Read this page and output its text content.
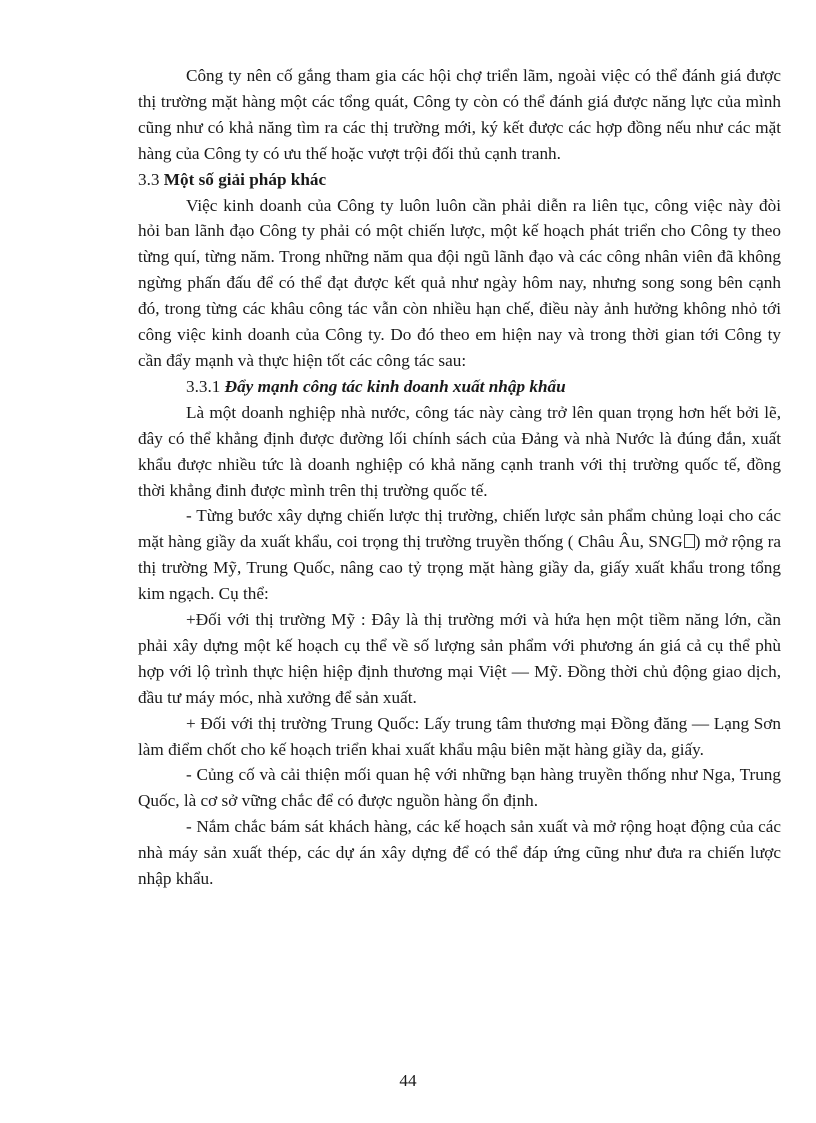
Công ty nên cố gắng tham gia các hội chợ triển lãm, ngoài việc có thể đánh giá được thị trường mặt hàng một các tổng quát, Công ty còn có thể đánh giá được năng lực của mình cũng như có khả năng tìm ra các thị trường mới, ký kết được các hợp đồng nếu như các mặt hàng của Công ty có ưu thế hoặc vượt trội đối thủ cạnh tranh.

3.3 Một số giải pháp khác

Việc kinh doanh của Công ty luôn luôn cần phải diễn ra liên tục, công việc này đòi hỏi ban lãnh đạo Công ty phải có một chiến lược, một kế hoạch phát triển cho Công ty theo từng quí, từng năm. Trong những năm qua đội ngũ lãnh đạo và các công nhân viên đã không ngừng phấn đấu để có thể đạt được kết quả như ngày hôm nay, nhưng song song bên cạnh đó, trong từng các khâu công tác vẫn còn nhiều hạn chế, điều này ảnh hưởng không nhỏ tới công việc kinh doanh của Công ty. Do đó theo em hiện nay và trong thời gian tới Công ty cần đẩy mạnh và thực hiện tốt các công tác sau:

3.3.1 Đẩy mạnh công tác kinh doanh xuất nhập khẩu

Là một doanh nghiệp nhà nước, công tác này càng trở lên quan trọng hơn hết bởi lẽ, đây có thể khẳng định được đường lối chính sách của Đảng và nhà Nước là đúng đắn, xuất khẩu được nhiều tức là doanh nghiệp có khả năng cạnh tranh với thị trường quốc tế, đồng thời khẳng đinh được mình trên thị trường quốc tế.

- Từng bước xây dựng chiến lược thị trường, chiến lược sản phẩm chủng loại cho các mặt hàng giầy da xuất khẩu, coi trọng thị trường truyền thống ( Châu Âu, SNG ) mở rộng ra thị trường Mỹ, Trung Quốc, nâng cao tỷ trọng mặt hàng giầy da, giấy xuất khẩu trong tổng kim ngạch. Cụ thể:

+Đối với thị trường Mỹ : Đây là thị trường mới và hứa hẹn một tiềm năng lớn, cần phải xây dựng một kế hoạch cụ thể về số lượng sản phẩm với phương án giá cả cụ thể phù hợp với lộ trình thực hiện hiệp định thương mại Việt — Mỹ. Đồng thời chủ động giao dịch, đầu tư máy móc, nhà xưởng để sản xuất.

+ Đối với thị trường Trung Quốc: Lấy trung tâm thương mại Đồng đăng — Lạng Sơn làm điểm chốt cho kế hoạch triển khai xuất khẩu mậu biên mặt hàng giầy da, giấy.

- Củng cố và cải thiện mối quan hệ với những bạn hàng truyền thống như Nga, Trung Quốc, là cơ sở vững chắc để có được nguồn hàng ổn định.

- Nắm chắc bám sát khách hàng, các kế hoạch sản xuất và mở rộng hoạt động của các nhà máy sản xuất thép, các dự án xây dựng để có thể đáp ứng cũng như đưa ra chiến lược nhập khẩu.

44
